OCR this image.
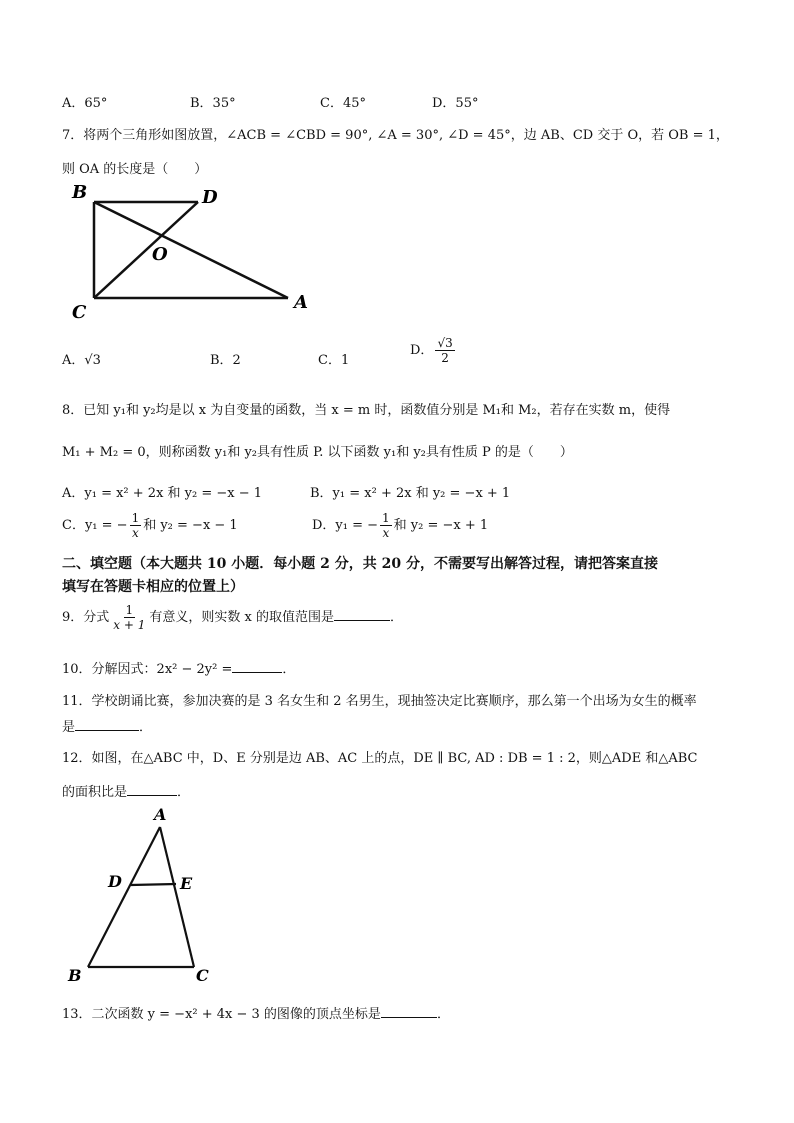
A．65°	B．35°	C．45°	D．55°
7．将两个三角形如图放置，∠ACB = ∠CBD = 90°, ∠A = 30°, ∠D = 45°，边 AB、CD 交于 O，若 OB = 1，
则 OA 的长度是（　　）
B	D
O
C	A
A．√3	B．2	C．1
D． $\frac{√3}{2}$
8．已知 y₁和 y₂均是以 x 为自变量的函数，当 x = m 时，函数值分别是 M₁和 M₂，若存在实数 m，使得
M₁ + M₂ = 0，则称函数 y₁和 y₂具有性质 P. 以下函数 y₁和 y₂具有性质 P 的是（　　）
A．y₁ = x² + 2x 和 y₂ = −x − 1	B．y₁ = x² + 2x 和 y₂ = −x + 1
C．y₁ = − $\frac{1}{x}$ 和 y₂ = −x − 1	D．y₁ = − $\frac{1}{x}$ 和 y₂ = −x + 1
二、填空题（本大题共 10 小题．每小题 2 分，共 20 分，不需要写出解答过程，请把答案直接
填写在答题卡相应的位置上）
9．分式 $\frac{1}{x + 1}$ 有意义，则实数 x 的取值范围是	．
10．分解因式：2x² − 2y² =	．
11．学校朗诵比赛，参加决赛的是 3 名女生和 2 名男生，现抽签决定比赛顺序，那么第一个出场为女生的概率
是	．
12．如图，在△ABC 中，D、E 分别是边 AB、AC 上的点，DE ∥ BC, AD : DB = 1 : 2，则△ADE 和△ABC
的面积比是	．
A
D	E
B	C
13．二次函数 y = −x² + 4x − 3 的图像的顶点坐标是	．
